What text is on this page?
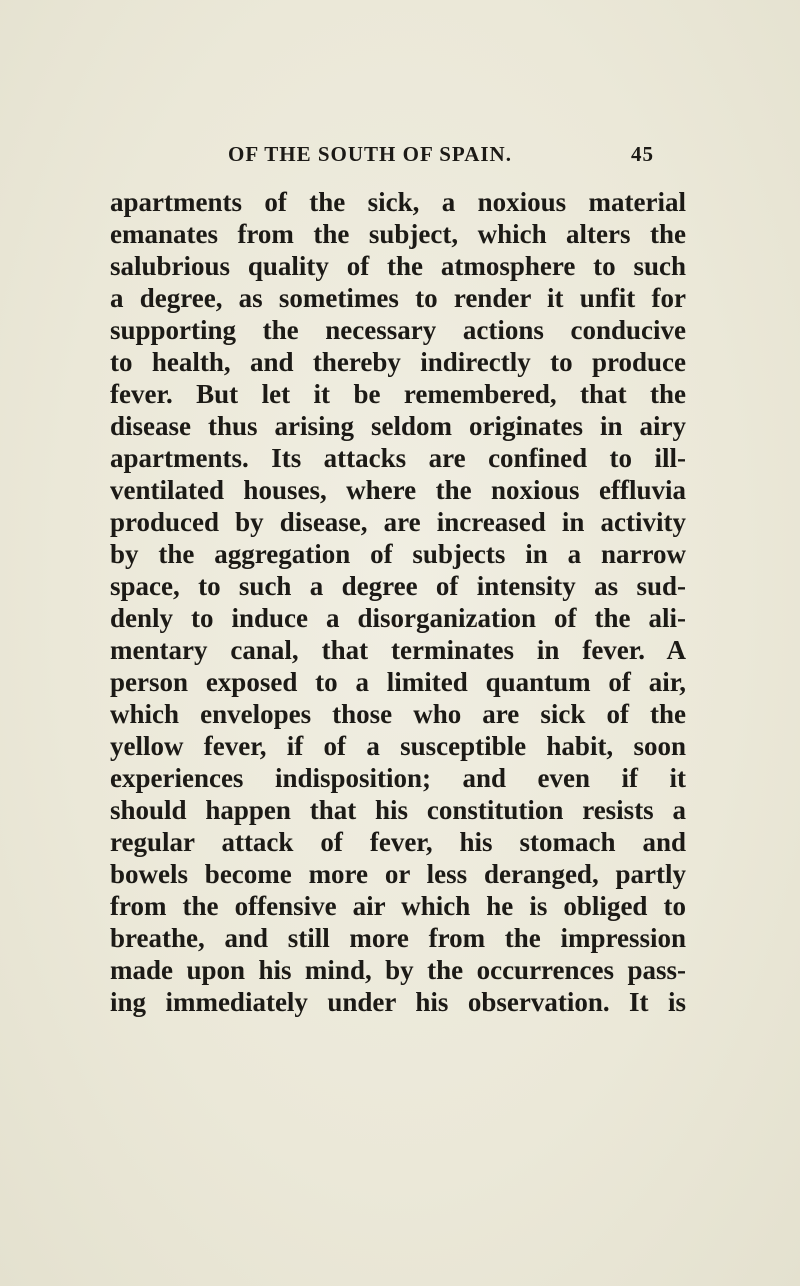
OF THE SOUTH OF SPAIN.	45
apartments of the sick, a noxious material
emanates from the subject, which alters the
salubrious quality of the atmosphere to such
a degree, as sometimes to render it unfit for
supporting the necessary actions conducive
to health, and thereby indirectly to produce
fever. But let it be remembered, that the
disease thus arising seldom originates in airy
apartments. Its attacks are confined to ill-
ventilated houses, where the noxious effluvia
produced by disease, are increased in activity
by the aggregation of subjects in a narrow
space, to such a degree of intensity as sud-
denly to induce a disorganization of the ali-
mentary canal, that terminates in fever. A
person exposed to a limited quantum of air,
which envelopes those who are sick of the
yellow fever, if of a susceptible habit, soon
experiences indisposition; and even if it
should happen that his constitution resists a
regular attack of fever, his stomach and
bowels become more or less deranged, partly
from the offensive air which he is obliged to
breathe, and still more from the impression
made upon his mind, by the occurrences pass-
ing immediately under his observation. It is
